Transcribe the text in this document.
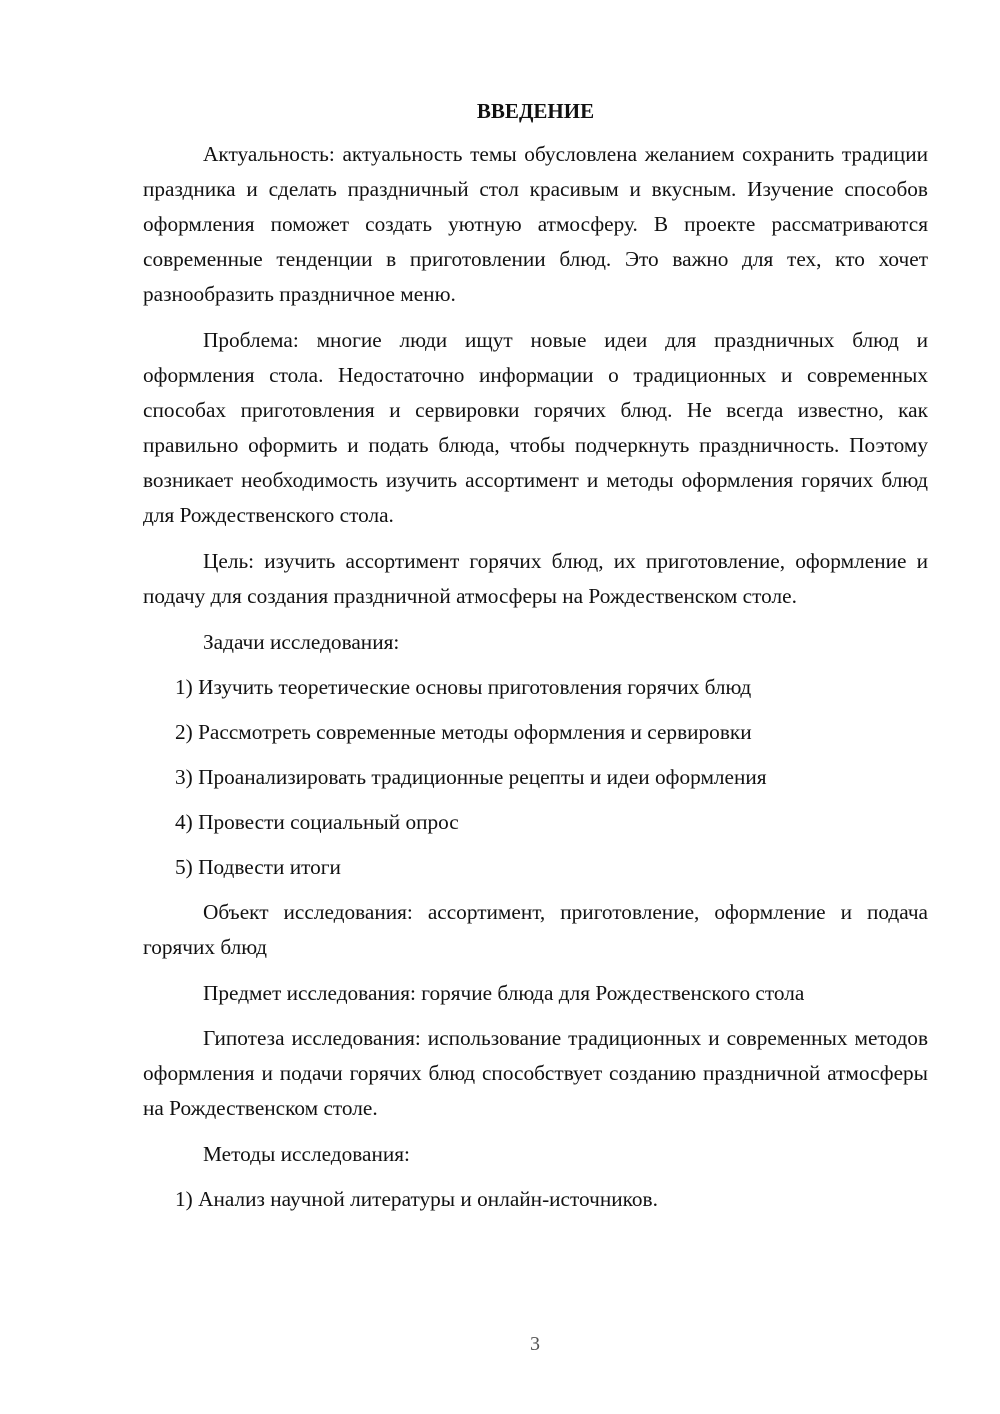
ВВЕДЕНИЕ

Актуальность: актуальность темы обусловлена желанием сохранить традиции праздника и сделать праздничный стол красивым и вкусным. Изучение способов оформления поможет создать уютную атмосферу. В проекте рассматриваются современные тенденции в приготовлении блюд. Это важно для тех, кто хочет разнообразить праздничное меню.

Проблема: многие люди ищут новые идеи для праздничных блюд и оформления стола. Недостаточно информации о традиционных и современных способах приготовления и сервировки горячих блюд. Не всегда известно, как правильно оформить и подать блюда, чтобы подчеркнуть праздничность. Поэтому возникает необходимость изучить ассортимент и методы оформления горячих блюд для Рождественского стола.

Цель: изучить ассортимент горячих блюд, их приготовление, оформление и подачу для создания праздничной атмосферы на Рождественском столе.

Задачи исследования:

1) Изучить теоретические основы приготовления горячих блюд

2) Рассмотреть современные методы оформления и сервировки

3) Проанализировать традиционные рецепты и идеи оформления

4) Провести социальный опрос

5) Подвести итоги

Объект исследования: ассортимент, приготовление, оформление и подача горячих блюд

Предмет исследования: горячие блюда для Рождественского стола

Гипотеза исследования: использование традиционных и современных методов оформления и подачи горячих блюд способствует созданию праздничной атмосферы на Рождественском столе.

Методы исследования:

1) Анализ научной литературы и онлайн-источников.

3
